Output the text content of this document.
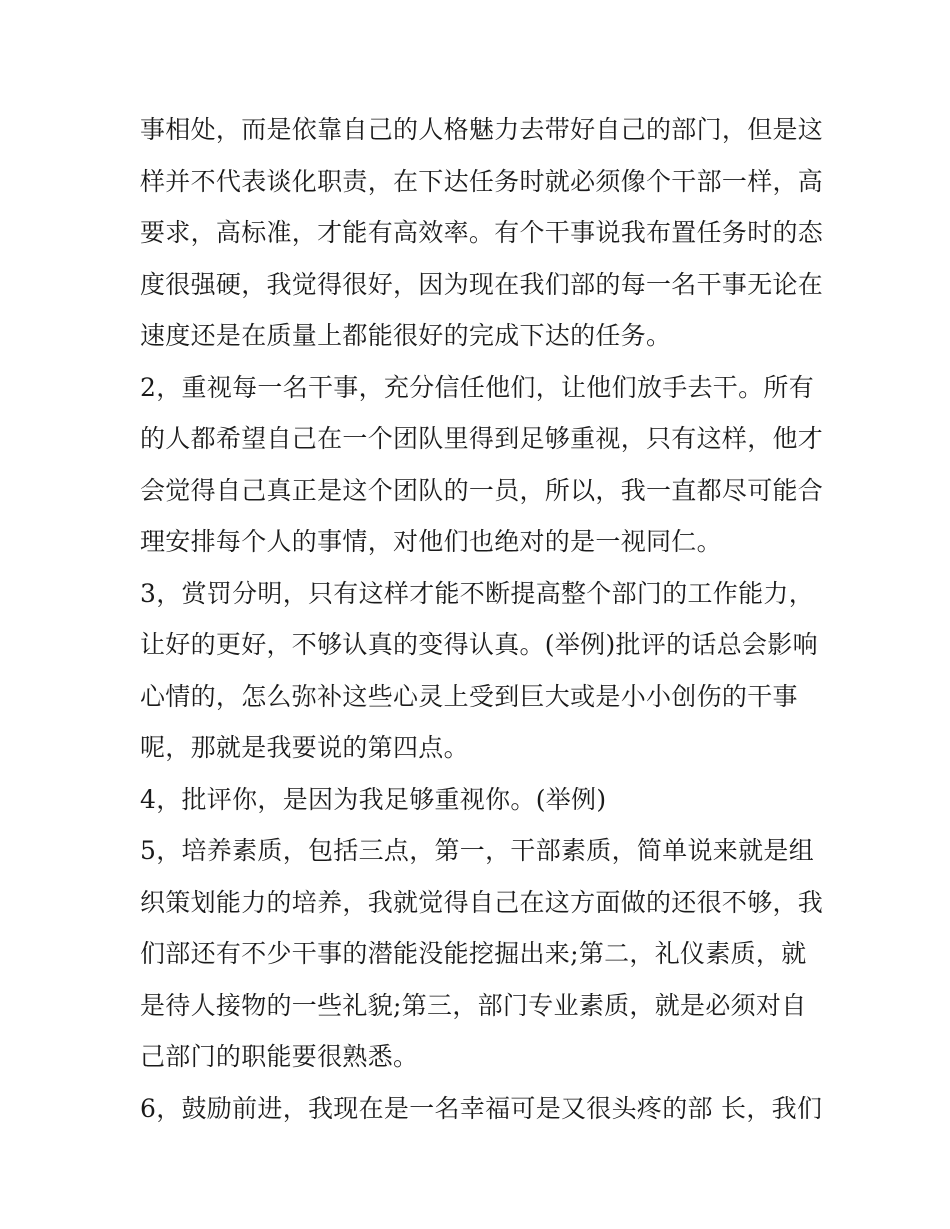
事相处，而是依靠自己的人格魅力去带好自己的部门，但是这
样并不代表谈化职责，在下达任务时就必须像个干部一样，高
要求，高标准，才能有高效率。有个干事说我布置任务时的态
度很强硬，我觉得很好，因为现在我们部的每一名干事无论在
速度还是在质量上都能很好的完成下达的任务。
2，重视每一名干事，充分信任他们，让他们放手去干。所有
的人都希望自己在一个团队里得到足够重视，只有这样，他才
会觉得自己真正是这个团队的一员，所以，我一直都尽可能合
理安排每个人的事情，对他们也绝对的是一视同仁。
3，赏罚分明，只有这样才能不断提高整个部门的工作能力，
让好的更好，不够认真的变得认真。(举例)批评的话总会影响
心情的，怎么弥补这些心灵上受到巨大或是小小创伤的干事
呢，那就是我要说的第四点。
4，批评你，是因为我足够重视你。(举例)
5，培养素质，包括三点，第一，干部素质，简单说来就是组
织策划能力的培养，我就觉得自己在这方面做的还很不够，我
们部还有不少干事的潜能没能挖掘出来;第二，礼仪素质，就
是待人接物的一些礼貌;第三，部门专业素质，就是必须对自
己部门的职能要很熟悉。
6，鼓励前进，我现在是一名幸福可是又很头疼的部 长，我们
